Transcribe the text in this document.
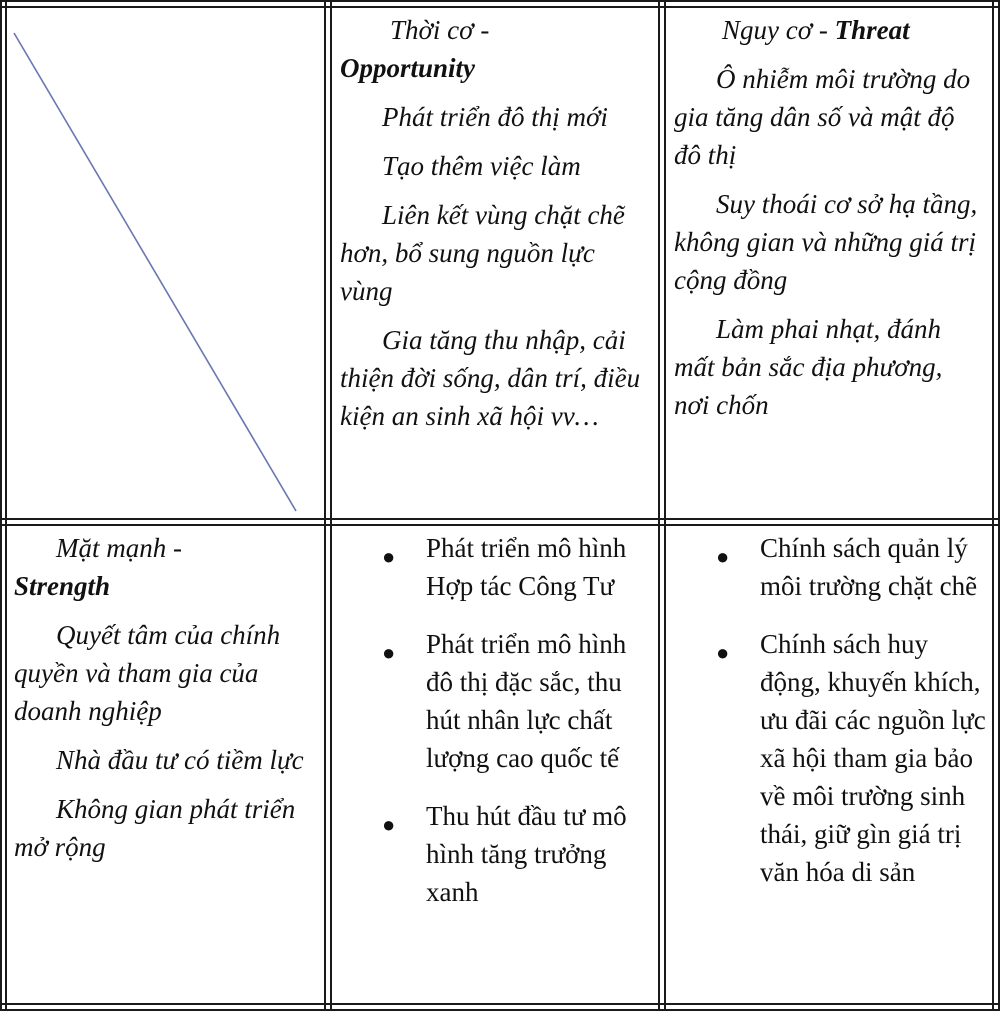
Thời cơ -
Opportunity

Phát triển đô thị mới

Tạo thêm việc làm

Liên kết vùng chặt chẽ hơn, bổ sung nguồn lực vùng

Gia tăng thu nhập, cải thiện đời sống, dân trí, điều kiện an sinh xã hội vv…

Nguy cơ - Threat

Ô nhiễm môi trường do gia tăng dân số và mật độ đô thị

Suy thoái cơ sở hạ tầng, không gian và những giá trị cộng đồng

Làm phai nhạt, đánh mất bản sắc địa phương, nơi chốn

Mặt mạnh -
Strength

Quyết tâm của chính quyền và tham gia của doanh nghiệp

Nhà đầu tư có tiềm lực

Không gian phát triển mở rộng

● Phát triển mô hình Hợp tác Công Tư
● Phát triển mô hình đô thị đặc sắc, thu hút nhân lực chất lượng cao quốc tế
● Thu hút đầu tư mô hình tăng trưởng xanh
● Chính sách quản lý môi trường chặt chẽ
● Chính sách huy động, khuyến khích, ưu đãi các nguồn lực xã hội tham gia bảo về môi trường sinh thái, giữ gìn giá trị văn hóa di sản
